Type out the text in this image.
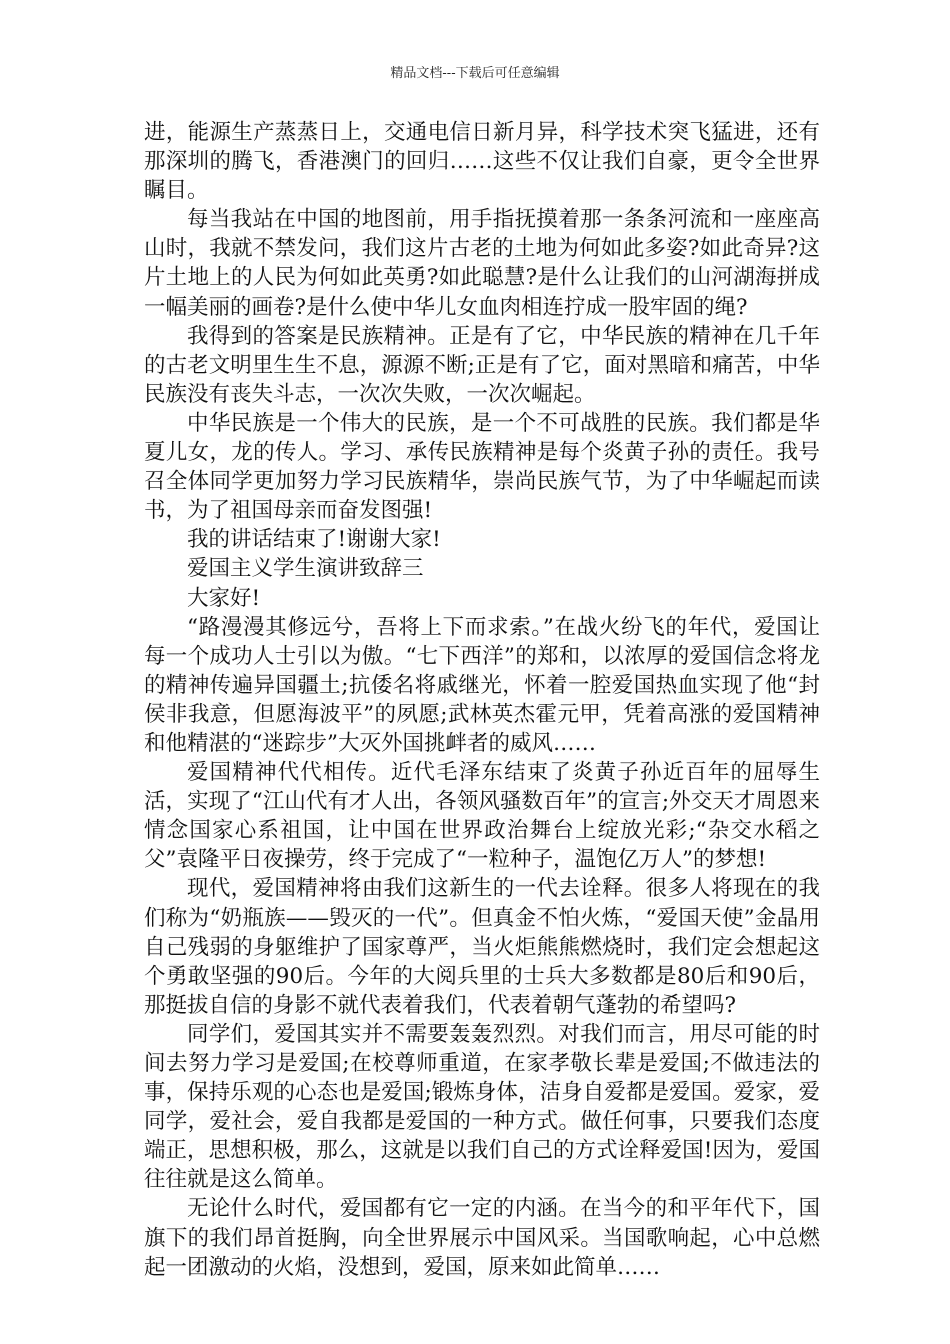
精品文档---下载后可任意编辑

进，能源生产蒸蒸日上，交通电信日新月异，科学技术突飞猛进，还有那深圳的腾飞，香港澳门的回归……这些不仅让我们自豪，更令全世界瞩目。

每当我站在中国的地图前，用手指抚摸着那一条条河流和一座座高山时，我就不禁发问，我们这片古老的土地为何如此多姿?如此奇异?这片土地上的人民为何如此英勇?如此聪慧?是什么让我们的山河湖海拼成一幅美丽的画卷?是什么使中华儿女血肉相连拧成一股牢固的绳?

我得到的答案是民族精神。正是有了它，中华民族的精神在几千年的古老文明里生生不息，源源不断;正是有了它，面对黑暗和痛苦，中华民族没有丧失斗志，一次次失败，一次次崛起。

中华民族是一个伟大的民族，是一个不可战胜的民族。我们都是华夏儿女，龙的传人。学习、承传民族精神是每个炎黄子孙的责任。我号召全体同学更加努力学习民族精华，崇尚民族气节，为了中华崛起而读书，为了祖国母亲而奋发图强!

我的讲话结束了!谢谢大家!

爱国主义学生演讲致辞三

大家好!

“路漫漫其修远兮，吾将上下而求索。”在战火纷飞的年代，爱国让每一个成功人士引以为傲。“七下西洋”的郑和，以浓厚的爱国信念将龙的精神传遍异国疆土;抗倭名将戚继光，怀着一腔爱国热血实现了他“封侯非我意，但愿海波平”的夙愿;武林英杰霍元甲，凭着高涨的爱国精神和他精湛的“迷踪步”大灭外国挑衅者的威风……

爱国精神代代相传。近代毛泽东结束了炎黄子孙近百年的屈辱生活，实现了“江山代有才人出，各领风骚数百年”的宣言;外交天才周恩来情念国家心系祖国，让中国在世界政治舞台上绽放光彩;“杂交水稻之父”袁隆平日夜操劳，终于完成了“一粒种子，温饱亿万人”的梦想!

现代，爱国精神将由我们这新生的一代去诠释。很多人将现在的我们称为“奶瓶族——毁灭的一代”。但真金不怕火炼，“爱国天使”金晶用自己残弱的身躯维护了国家尊严，当火炬熊熊燃烧时，我们定会想起这个勇敢坚强的90后。今年的大阅兵里的士兵大多数都是80后和90后，那挺拔自信的身影不就代表着我们，代表着朝气蓬勃的希望吗?

同学们，爱国其实并不需要轰轰烈烈。对我们而言，用尽可能的时间去努力学习是爱国;在校尊师重道，在家孝敬长辈是爱国;不做违法的事，保持乐观的心态也是爱国;锻炼身体，洁身自爱都是爱国。爱家，爱同学，爱社会，爱自我都是爱国的一种方式。做任何事，只要我们态度端正，思想积极，那么，这就是以我们自己的方式诠释爱国!因为，爱国往往就是这么简单。

无论什么时代，爱国都有它一定的内涵。在当今的和平年代下，国旗下的我们昂首挺胸，向全世界展示中国风采。当国歌响起，心中总燃起一团激动的火焰，没想到，爱国，原来如此简单……
